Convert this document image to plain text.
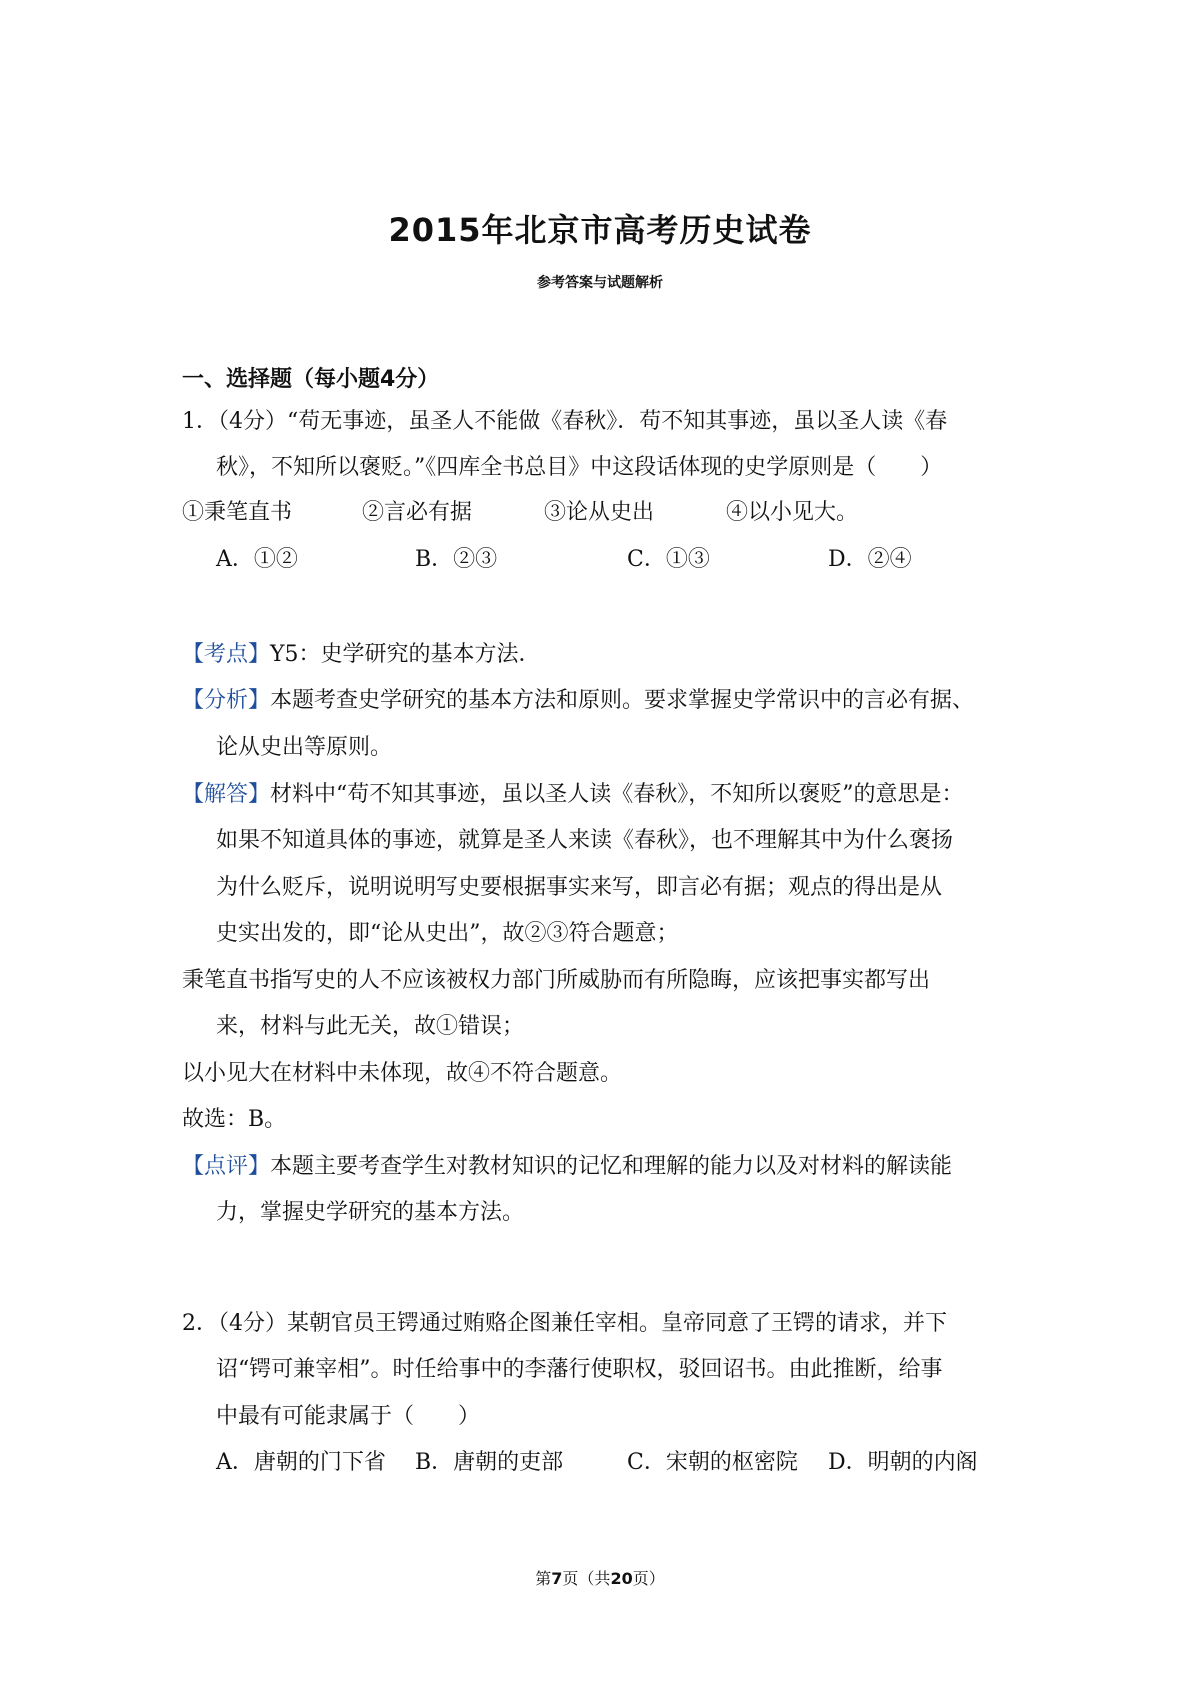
2015年北京市高考历史试卷
参考答案与试题解析
一、选择题（每小题4分）
1．（4分）“苟无事迹，虽圣人不能做《春秋》．苟不知其事迹，虽以圣人读《春
秋》，不知所以褒贬。”《四库全书总目》中这段话体现的史学原则是（　　）
①秉笔直书	②言必有据	③论从史出	④以小见大。
A．①②	B．②③	C．①③	D．②④
【考点】Y5：史学研究的基本方法．
【分析】本题考查史学研究的基本方法和原则。要求掌握史学常识中的言必有据、
论从史出等原则。
【解答】材料中“苟不知其事迹，虽以圣人读《春秋》，不知所以褒贬”的意思是：
如果不知道具体的事迹，就算是圣人来读《春秋》，也不理解其中为什么褒扬
为什么贬斥，说明说明写史要根据事实来写，即言必有据；观点的得出是从
史实出发的，即“论从史出”，故②③符合题意；
秉笔直书指写史的人不应该被权力部门所威胁而有所隐晦，应该把事实都写出
来，材料与此无关，故①错误；
以小见大在材料中未体现，故④不符合题意。
故选：B。
【点评】本题主要考查学生对教材知识的记忆和理解的能力以及对材料的解读能
力，掌握史学研究的基本方法。
2．（4分）某朝官员王锷通过贿赂企图兼任宰相。皇帝同意了王锷的请求，并下
诏“锷可兼宰相”。时任给事中的李藩行使职权，驳回诏书。由此推断，给事
中最有可能隶属于（　　）
A．唐朝的门下省 B．唐朝的吏部	C．宋朝的枢密院 D．明朝的内阁
第7页（共20页）
